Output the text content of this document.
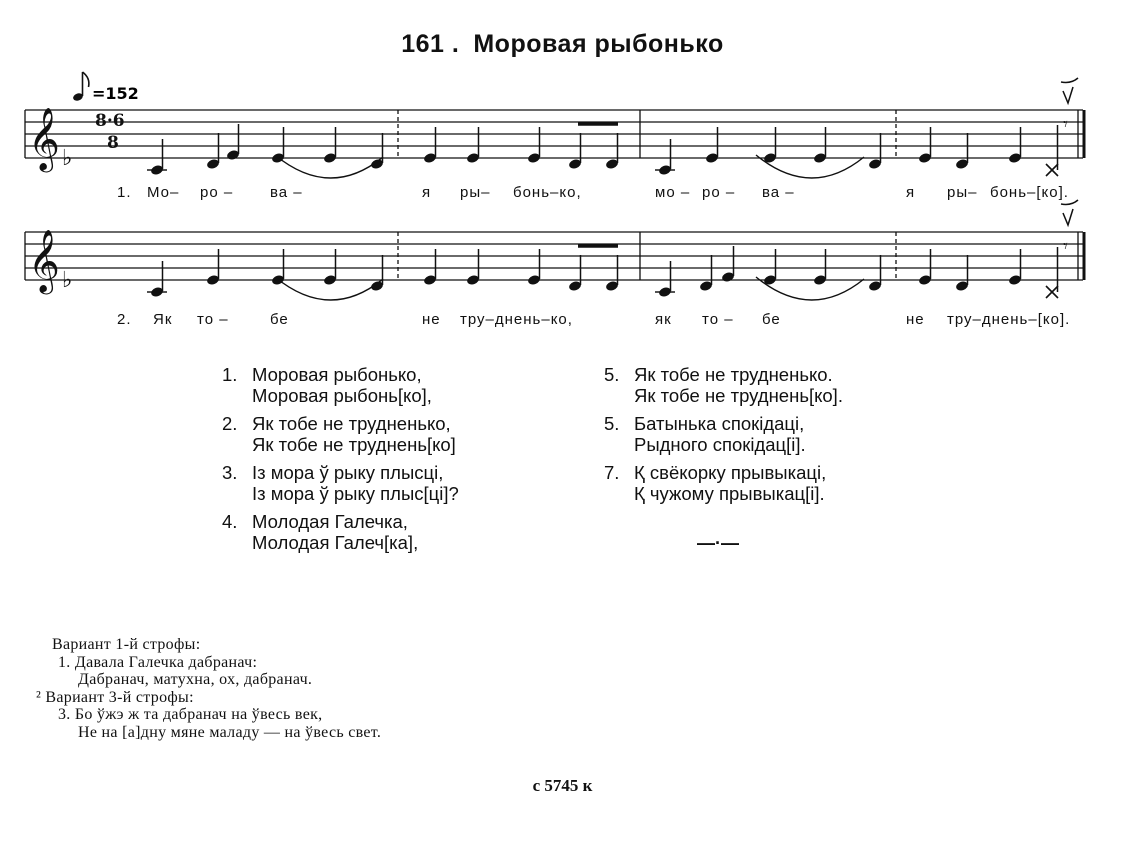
161 . Моровая рыбонько
=152
𝄞 ♭
8·6
8
𝄾
1. Мо– ро – ва –	я ры– бонь–ко,	мо – ро – ва –	я ры– бонь–[ко].
𝄞 ♭
𝄾
2. Як то –	бе	не тру–днень–ко,	як то – бе	не тру–днень–[ко].
1. Моровая рыбонько,
Моровая рыбонь[ко],
2. Як тобе не трудненько,
Як тобе не труднень[ко]
3. Із мора ў рыку плысці,
Із мора ў рыку плыс[ці]?
4. Молодая Галечка,
Молодая Галеч[ка],
5. Як тобе не трудненько.
Як тобе не труднень[ко].
5. Батынька спокідаці,
Рыдного спокідац[і].
7. Қ свёкорку прывыкаці,
Қ чужому прывыкац[і].
—·—
Вариант 1-й строфы:
1. Давала Галечка дабранач:
Дабранач, матухна, ох, дабранач.
² Вариант 3-й строфы:
3. Бо ўжэ ж та дабранач на ўвесь век,
Не на [а]дну мяне маладу — на ўвесь свет.
с 5745 к
